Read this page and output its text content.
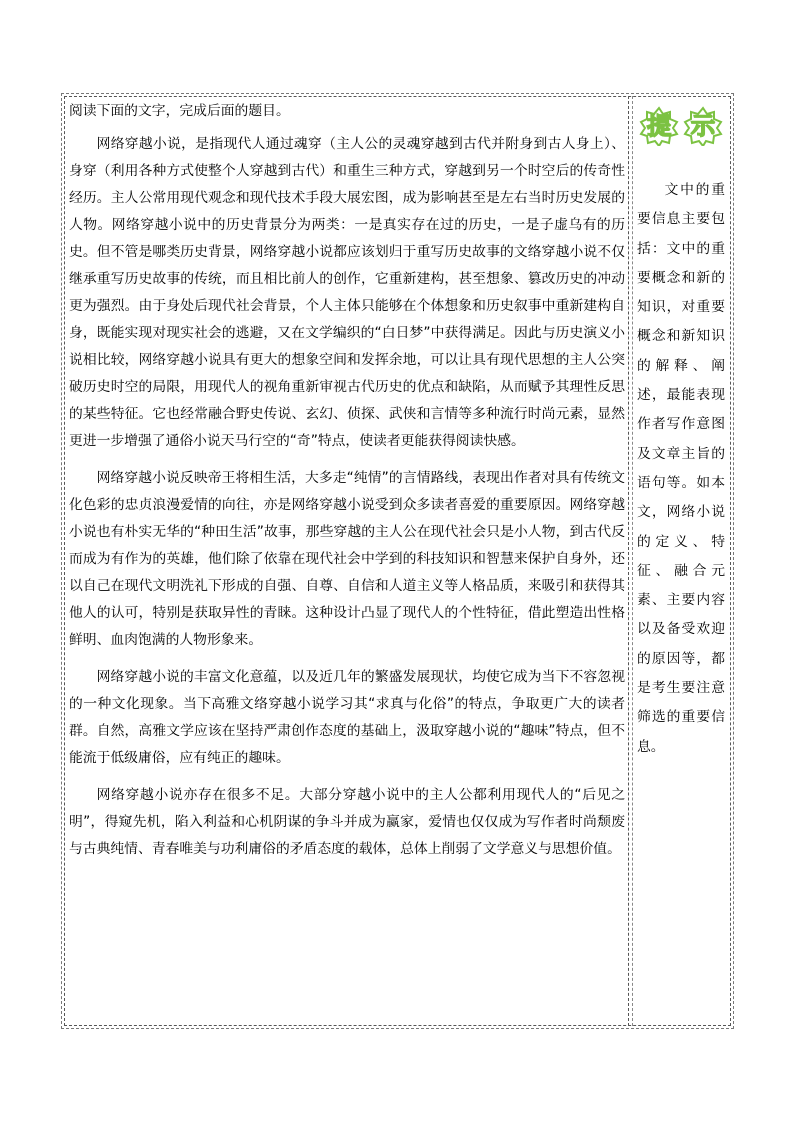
阅读下面的文字，完成后面的题目。

网络穿越小说，是指现代人通过魂穿（主人公的灵魂穿越到古代并附身到古人身上）、身穿（利用各种方式使整个人穿越到古代）和重生三种方式，穿越到另一个时空后的传奇性经历。主人公常用现代观念和现代技术手段大展宏图，成为影响甚至是左右当时历史发展的人物。网络穿越小说中的历史背景分为两类：一是真实存在过的历史，一是子虚乌有的历史。但不管是哪类历史背景，网络穿越小说都应该划归于重写历史故事的文络穿越小说不仅继承重写历史故事的传统，而且相比前人的创作，它重新建构，甚至想象、篡改历史的冲动更为强烈。由于身处后现代社会背景，个人主体只能够在个体想象和历史叙事中重新建构自身，既能实现对现实社会的逃避，又在文学编织的“白日梦”中获得满足。因此与历史演义小说相比较，网络穿越小说具有更大的想象空间和发挥余地，可以让具有现代思想的主人公突破历史时空的局限，用现代人的视角重新审视古代历史的优点和缺陷，从而赋予其理性反思的某些特征。它也经常融合野史传说、玄幻、侦探、武侠和言情等多种流行时尚元素，显然更进一步增强了通俗小说天马行空的“奇”特点，使读者更能获得阅读快感。

网络穿越小说反映帝王将相生活，大多走“纯情”的言情路线，表现出作者对具有传统文化色彩的忠贞浪漫爱情的向往，亦是网络穿越小说受到众多读者喜爱的重要原因。网络穿越小说也有朴实无华的“种田生活”故事，那些穿越的主人公在现代社会只是小人物，到古代反而成为有作为的英雄，他们除了依靠在现代社会中学到的科技知识和智慧来保护自身外，还以自己在现代文明洗礼下形成的自强、自尊、自信和人道主义等人格品质，来吸引和获得其他人的认可，特别是获取异性的青睐。这种设计凸显了现代人的个性特征，借此塑造出性格鲜明、血肉饱满的人物形象来。

网络穿越小说的丰富文化意蕴，以及近几年的繁盛发展现状，均使它成为当下不容忽视的一种文化现象。当下高雅文络穿越小说学习其“求真与化俗”的特点，争取更广大的读者群。自然，高雅文学应该在坚持严肃创作态度的基础上，汲取穿越小说的“趣味”特点，但不能流于低级庸俗，应有纯正的趣味。

网络穿越小说亦存在很多不足。大部分穿越小说中的主人公都利用现代人的“后见之明”，得窥先机，陷入利益和心机阴谋的争斗并成为赢家，爱情也仅仅成为写作者时尚颓废与古典纯情、青春唯美与功利庸俗的矛盾态度的载体，总体上削弱了文学意义与思想价值。

提 示

文中的重要信息主要包括：文中的重要概念和新的知识，对重要概念和新知识的解释、阐述，最能表现作者写作意图及文章主旨的语句等。如本文，网络小说的定义、特征、融合元素、主要内容以及备受欢迎的原因等，都是考生要注意筛选的重要信息。
